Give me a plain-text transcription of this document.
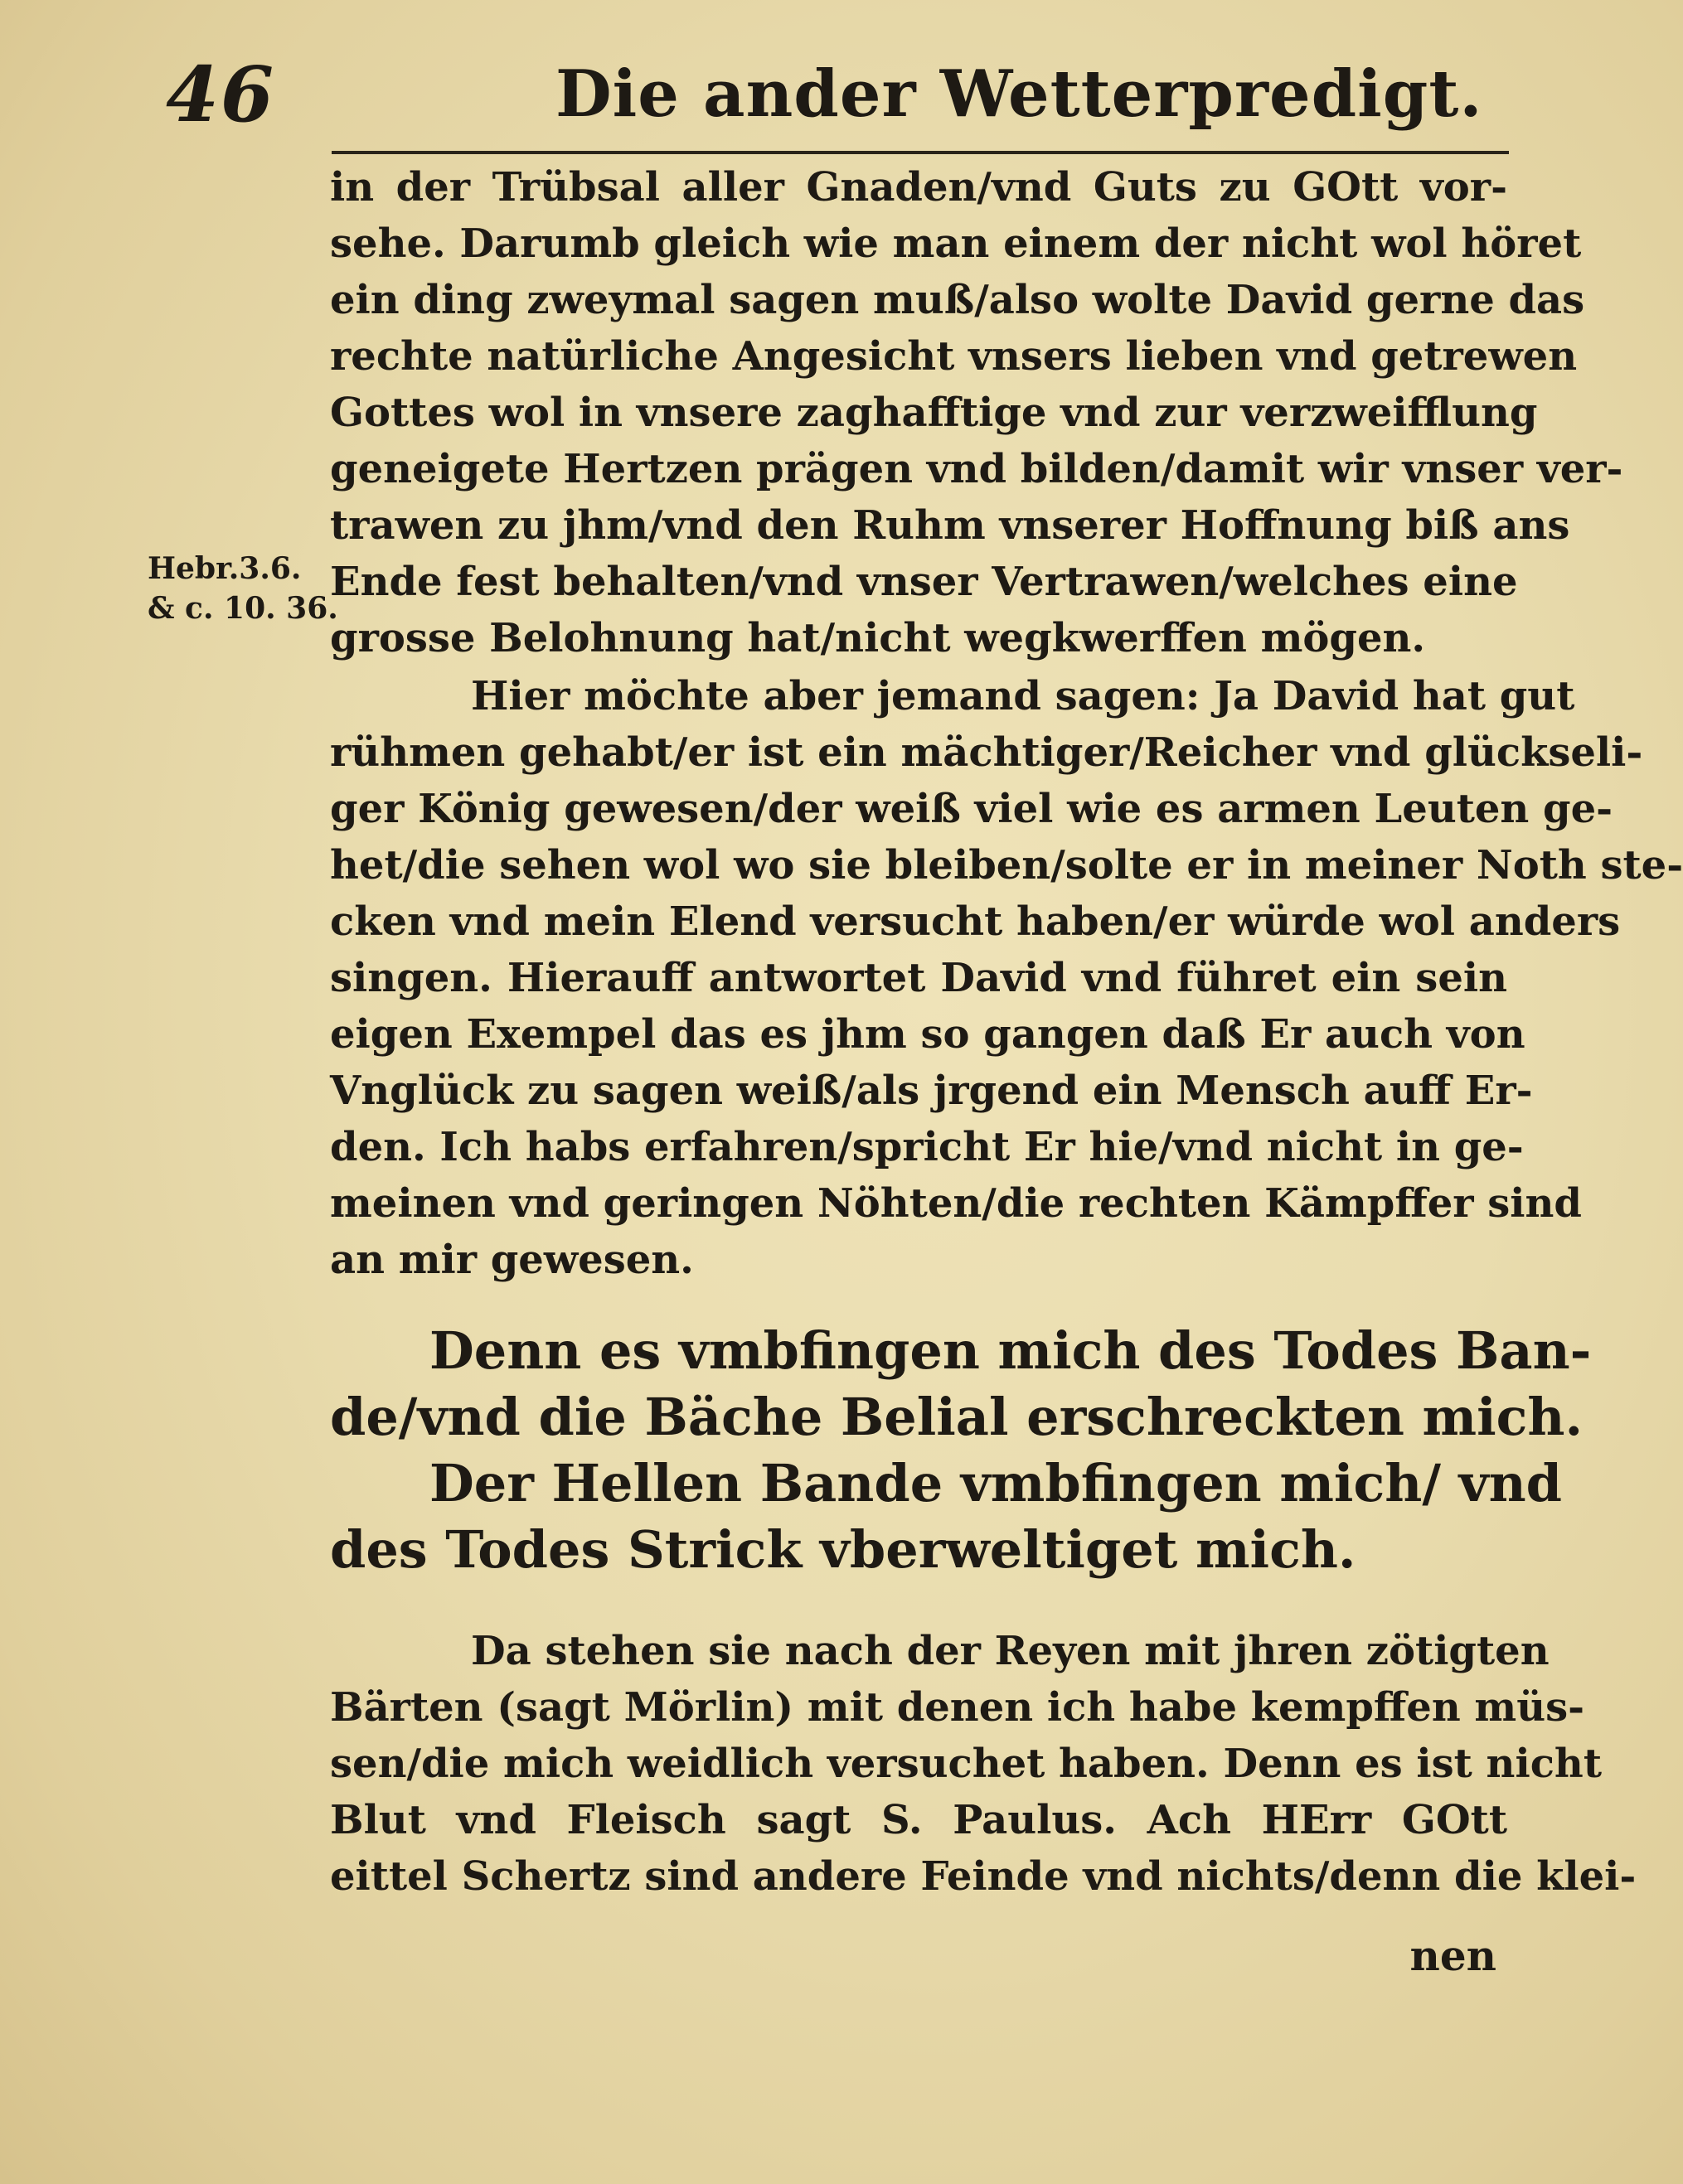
46	Die ander Wetterpredigt.
Hebr.3.6.
& c. 10. 36.
in der Trübsal aller Gnaden/vnd Guts zu GOtt vor-
sehe. Darumb gleich wie man einem der nicht wol höret
ein ding zweymal sagen muß/also wolte David gerne das
rechte natürliche Angesicht vnsers lieben vnd getrewen
Gottes wol in vnsere zaghafftige vnd zur verzweifflung
geneigete Hertzen prägen vnd bilden/damit wir vnser ver-
trawen zu jhm/vnd den Ruhm vnserer Hoffnung biß ans
Ende fest behalten/vnd vnser Vertrawen/welches eine
grosse Belohnung hat/nicht wegkwerffen mögen.
Hier möchte aber jemand sagen: Ja David hat gut
rühmen gehabt/er ist ein mächtiger/Reicher vnd glückseli-
ger König gewesen/der weiß viel wie es armen Leuten ge-
het/die sehen wol wo sie bleiben/solte er in meiner Noth ste-
cken vnd mein Elend versucht haben/er würde wol anders
singen. Hierauff antwortet David vnd führet ein sein
eigen Exempel das es jhm so gangen daß Er auch von
Vnglück zu sagen weiß/als jrgend ein Mensch auff Er-
den. Ich habs erfahren/spricht Er hie/vnd nicht in ge-
meinen vnd geringen Nöhten/die rechten Kämpffer sind
an mir gewesen.
Denn es vmbfingen mich des Todes Ban-
de/vnd die Bäche Belial erschreckten mich.
Der Hellen Bande vmbfingen mich/ vnd
des Todes Strick vberweltiget mich.
Da stehen sie nach der Reyen mit jhren zötigten
Bärten (sagt Mörlin) mit denen ich habe kempffen müs-
sen/die mich weidlich versuchet haben. Denn es ist nicht
Blut vnd Fleisch sagt S. Paulus. Ach HErr GOtt
eittel Schertz sind andere Feinde vnd nichts/denn die klei-
nen
